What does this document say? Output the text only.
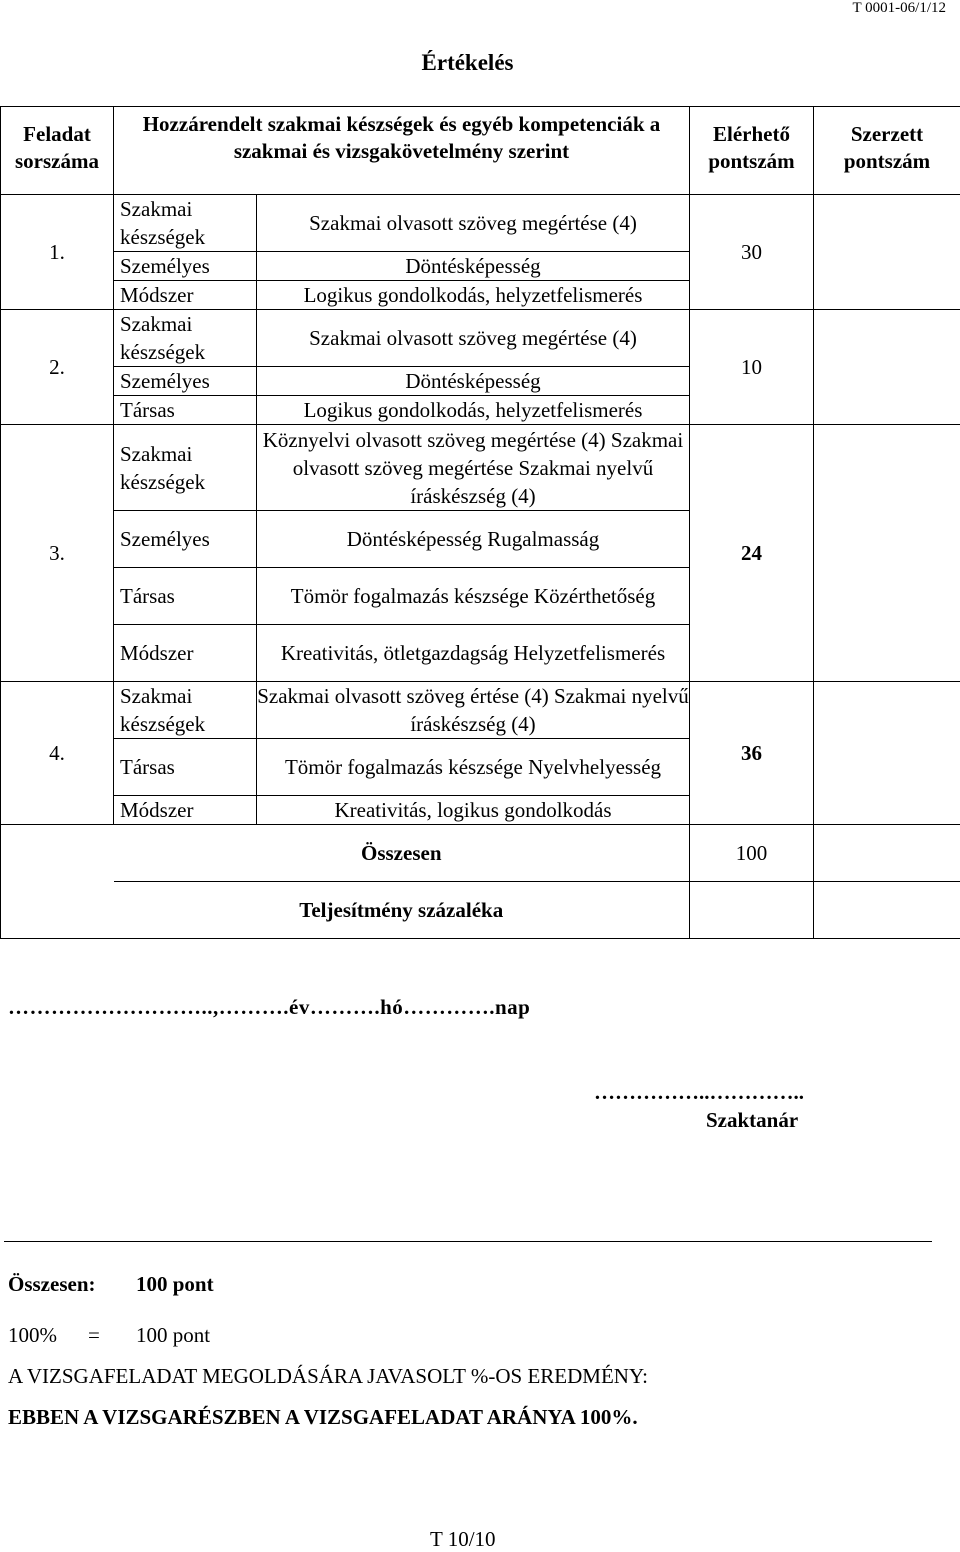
T 0001-06/1/12
Értékelés
Feladat sorszáma	Hozzárendelt szakmai készségek és egyéb kompetenciák a szakmai és vizsgakövetelmény szerint		Elérhető pontszám	Szerzett pontszám
1.	Szakmai készségek	Szakmai olvasott szöveg megértése (4)	30	
	Személyes	Döntésképesség		
	Módszer	Logikus gondolkodás, helyzetfelismerés		
2.	Szakmai készségek	Szakmai olvasott szöveg megértése (4)	10	
	Személyes	Döntésképesség		
	Társas	Logikus gondolkodás, helyzetfelismerés		
3.	Szakmai készségek	Köznyelvi olvasott szöveg megértése (4) Szakmai olvasott szöveg megértése Szakmai nyelvű íráskészség (4)	24	
	Személyes	Döntésképesség Rugalmasság		
	Társas	Tömör fogalmazás készsége Közérthetőség		
	Módszer	Kreativitás, ötletgazdagság Helyzetfelismerés		
4.	Szakmai készségek	Szakmai olvasott szöveg értése (4) Szakmai nyelvű íráskészség (4)	36	
	Társas	Tömör fogalmazás készsége Nyelvhelyesség		
	Módszer	Kreativitás, logikus gondolkodás		
	Összesen		100	
	Teljesítmény százaléka			
………………………..,……….év……….hó………….nap
……………..…………..
Szaktanár
Összesen: 100 pont
100% = 100 pont
A VIZSGAFELADAT MEGOLDÁSÁRA JAVASOLT %-OS EREDMÉNY:
EBBEN A VIZSGARÉSZBEN A VIZSGAFELADAT ARÁNYA 100%.
T 10/10
